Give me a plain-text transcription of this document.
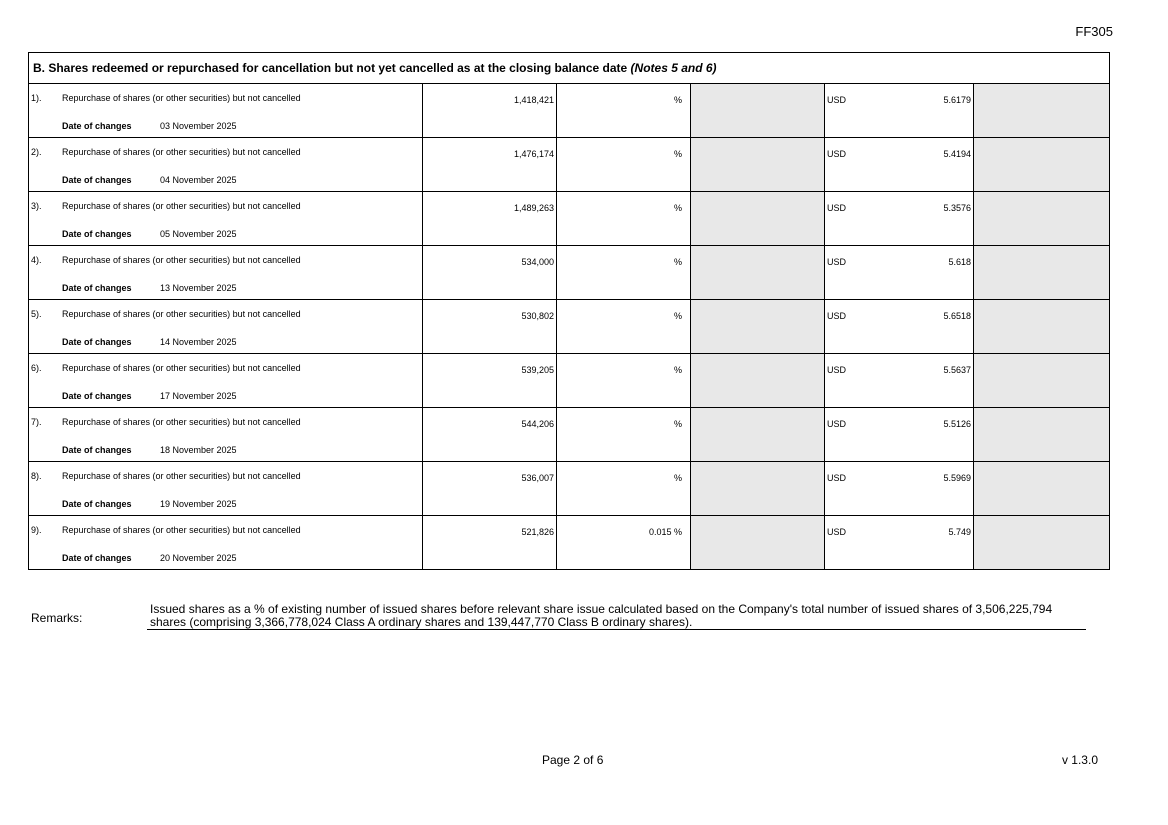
FF305
B. Shares redeemed or repurchased for cancellation but not yet cancelled as at the closing balance date (Notes 5 and 6)					

1). Repurchase of shares (or other securities) but not cancelled
Date of changes 03 November 2025	1,418,421	%		USD 5.6179	

2). Repurchase of shares (or other securities) but not cancelled
Date of changes 04 November 2025	1,476,174	%		USD 5.4194	

3). Repurchase of shares (or other securities) but not cancelled
Date of changes 05 November 2025	1,489,263	%		USD 5.3576	

4). Repurchase of shares (or other securities) but not cancelled
Date of changes 13 November 2025	534,000	%		USD 5.618	

5). Repurchase of shares (or other securities) but not cancelled
Date of changes 14 November 2025	530,802	%		USD 5.6518	

6). Repurchase of shares (or other securities) but not cancelled
Date of changes 17 November 2025	539,205	%		USD 5.5637	

7). Repurchase of shares (or other securities) but not cancelled
Date of changes 18 November 2025	544,206	%		USD 5.5126	

8). Repurchase of shares (or other securities) but not cancelled
Date of changes 19 November 2025	536,007	%		USD 5.5969	

9). Repurchase of shares (or other securities) but not cancelled
Date of changes 20 November 2025	521,826	0.015 %		USD 5.749	

Remarks:
Issued shares as a % of existing number of issued shares before relevant share issue calculated based on the Company's total number of issued shares of 3,506,225,794 shares (comprising 3,366,778,024 Class A ordinary shares and 139,447,770 Class B ordinary shares).
Page 2 of 6	v 1.3.0
